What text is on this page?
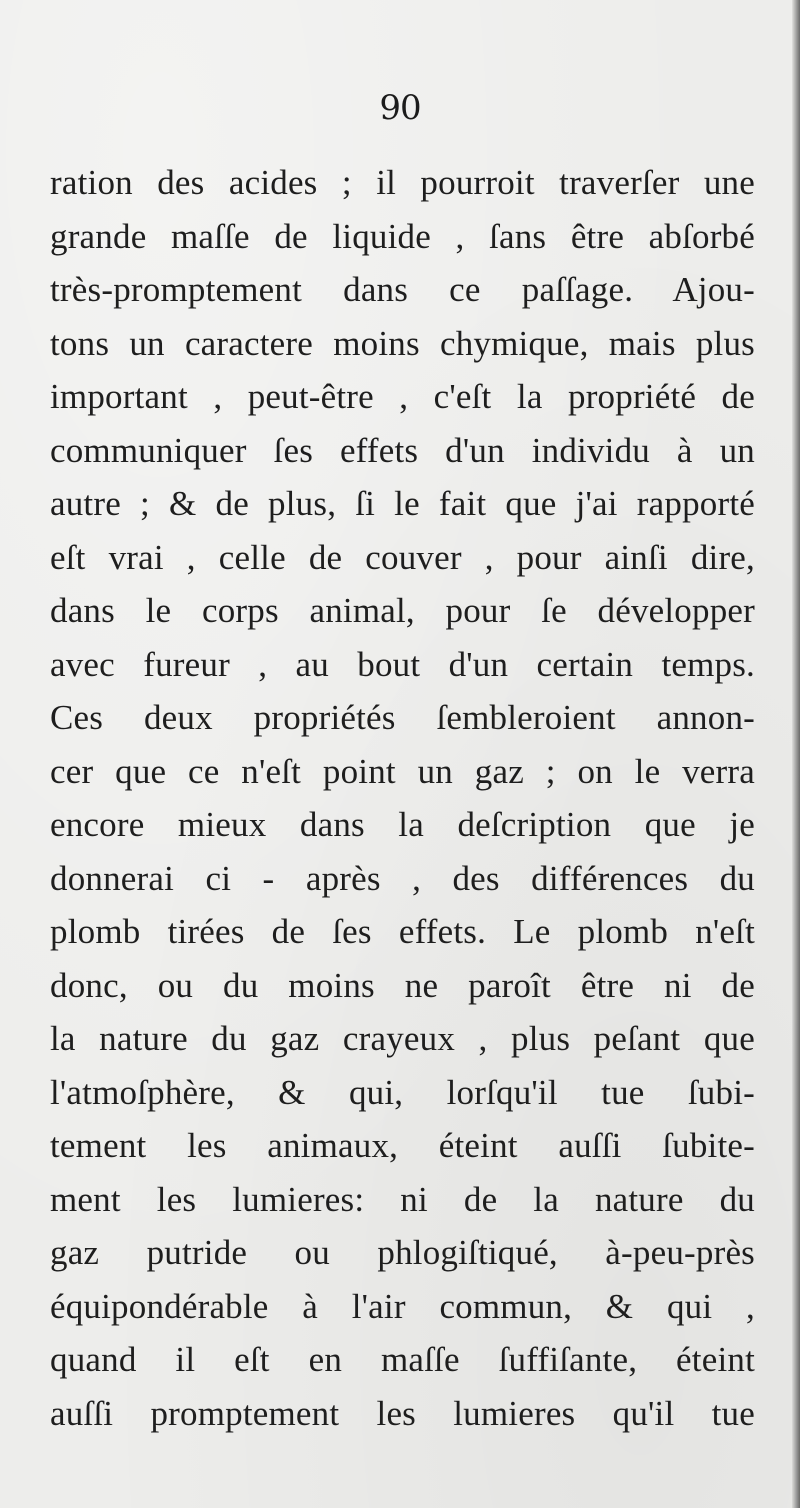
90
ration des acides ; il pourroit traverſer une
grande maſſe de liquide , ſans être abſorbé
très-promptement dans ce paſſage. Ajou-
tons un caractere moins chymique, mais plus
important , peut-être , c'eſt la propriété de
communiquer ſes effets d'un individu à un
autre ; & de plus, ſi le fait que j'ai rapporté
eſt vrai , celle de couver , pour ainſi dire,
dans le corps animal, pour ſe développer
avec fureur , au bout d'un certain temps.
Ces deux propriétés ſembleroient annon-
cer que ce n'eſt point un gaz ; on le verra
encore mieux dans la deſcription que je
donnerai ci - après , des différences du
plomb tirées de ſes effets. Le plomb n'eſt
donc, ou du moins ne paroît être ni de
la nature du gaz crayeux , plus peſant que
l'atmoſphère, & qui, lorſqu'il tue ſubi-
tement les animaux, éteint auſſi ſubite-
ment les lumieres: ni de la nature du
gaz putride ou phlogiſtiqué, à-peu-près
équipondérable à l'air commun, & qui ,
quand il eſt en maſſe ſuffiſante, éteint
auſſi promptement les lumieres qu'il tue
